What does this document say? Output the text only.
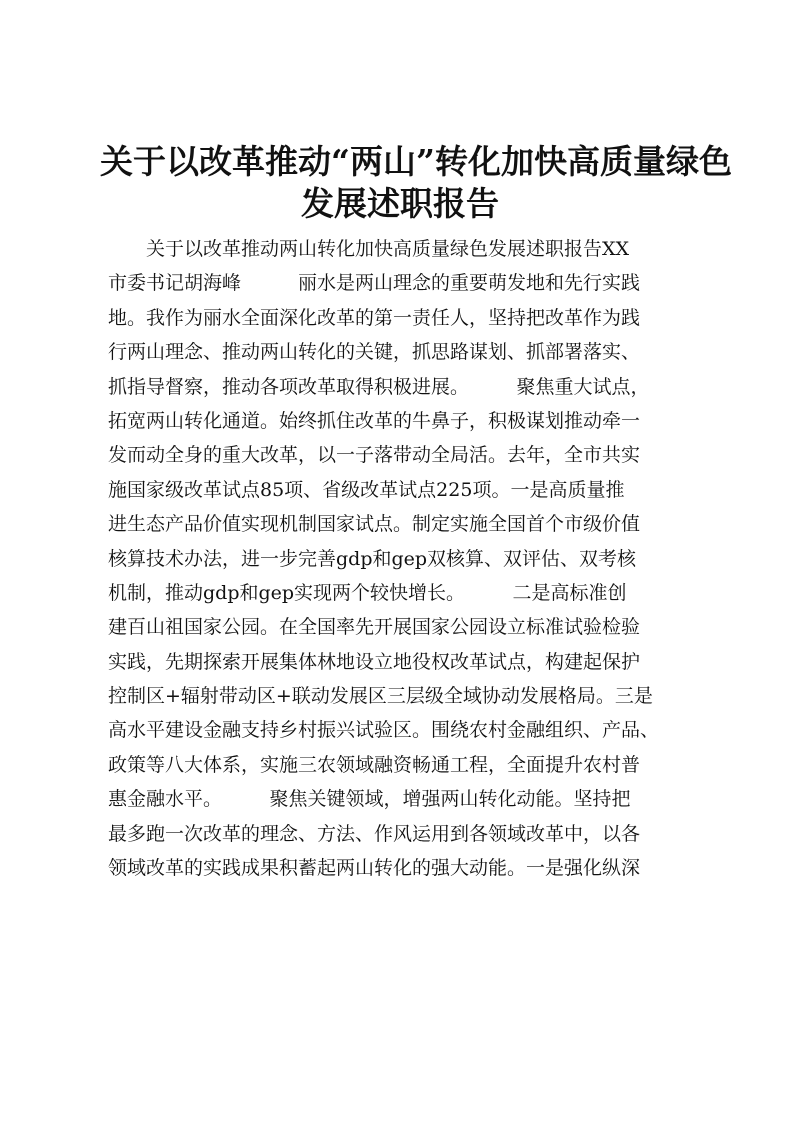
关于以改革推动“两山”转化加快高质量绿色
发展述职报告
　　关于以改革推动两山转化加快高质量绿色发展述职报告XX
市委书记胡海峰　　　丽水是两山理念的重要萌发地和先行实践
地。我作为丽水全面深化改革的第一责任人，坚持把改革作为践
行两山理念、推动两山转化的关键，抓思路谋划、抓部署落实、
抓指导督察，推动各项改革取得积极进展。　　　聚焦重大试点，
拓宽两山转化通道。始终抓住改革的牛鼻子，积极谋划推动牵一
发而动全身的重大改革，以一子落带动全局活。去年，全市共实
施国家级改革试点85项、省级改革试点225项。一是高质量推
进生态产品价值实现机制国家试点。制定实施全国首个市级价值
核算技术办法，进一步完善gdp和gep双核算、双评估、双考核
机制，推动gdp和gep实现两个较快增长。　　　二是高标准创
建百山祖国家公园。在全国率先开展国家公园设立标准试验检验
实践，先期探索开展集体林地设立地役权改革试点，构建起保护
控制区+辐射带动区+联动发展区三层级全域协动发展格局。三是
高水平建设金融支持乡村振兴试验区。围绕农村金融组织、产品、
政策等八大体系，实施三农领域融资畅通工程，全面提升农村普
惠金融水平。　　　聚焦关键领域，增强两山转化动能。坚持把
最多跑一次改革的理念、方法、作风运用到各领域改革中，以各
领域改革的实践成果积蓄起两山转化的强大动能。一是强化纵深
